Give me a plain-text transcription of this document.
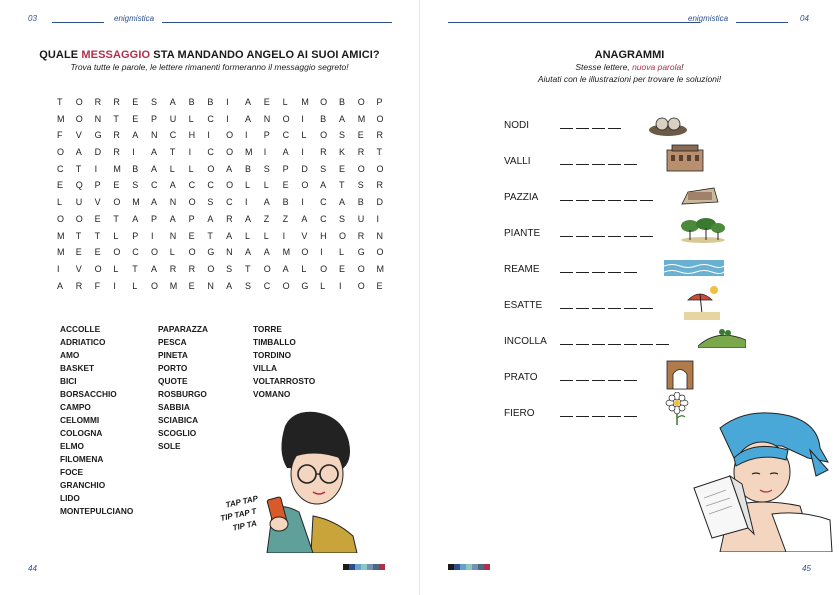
03	enigmistica
QUALE MESSAGGIO STA MANDANDO ANGELO AI SUOI AMICI?
Trova tutte le parole, le lettere rimanenti formeranno il messaggio segreto!
T	O	R	R	E	S	A	B	B	I	A	E	L	M	O	B	O	P
M	O	N	T	E	P	U	L	C	I	A	N	O	I	B	A	M	O
F	V	G	R	A	N	C	H	I	O	I	P	C	L	O	S	E	R
O	A	D	R	I	A	T	I	C	O	M	I	A	I	R	K	R	T
C	T	I	M	B	A	L	L	O	A	B	S	P	D	S	E	O	O
E	Q	P	E	S	C	A	C	C	O	L	L	E	O	A	T	S	R
L	U	V	O	M	A	N	O	S	C	I	A	B	I	C	A	B	D
O	O	E	T	A	P	A	P	A	R	A	Z	Z	A	C	S	U	I
M	T	T	L	P	I	N	E	T	A	L	L	I	V	H	O	R	N
M	E	E	O	C	O	L	O	G	N	A	A	M	O	I	L	G	O
I	V	O	L	T	A	R	R	O	S	T	O	A	L	O	E	O	M
A	R	F	I	L	O	M	E	N	A	S	C	O	G	L	I	O	E
ACCOLLE
ADRIATICO
AMO
BASKET
BICI
BORSACCHIO
CAMPO
CELOMMI
COLOGNA
ELMO
FILOMENA
FOCE
GRANCHIO
LIDO
MONTEPULCIANO
PAPARAZZA
PESCA
PINETA
PORTO
QUOTE
ROSBURGO
SABBIA
SCIABICA
SCOGLIO
SOLE
TORRE
TIMBALLO
TORDINO
VILLA
VOLTARROSTO
VOMANO
TAP TAP
TIP TAP T
TIP TA
44
enigmistica	04
ANAGRAMMI
Stesse lettere, nuova parola!
Aiutati con le illustrazioni per trovare le soluzioni!
NODI
VALLI
PAZZIA
PIANTE
REAME
ESATTE
INCOLLA
PRATO
FIERO
45
